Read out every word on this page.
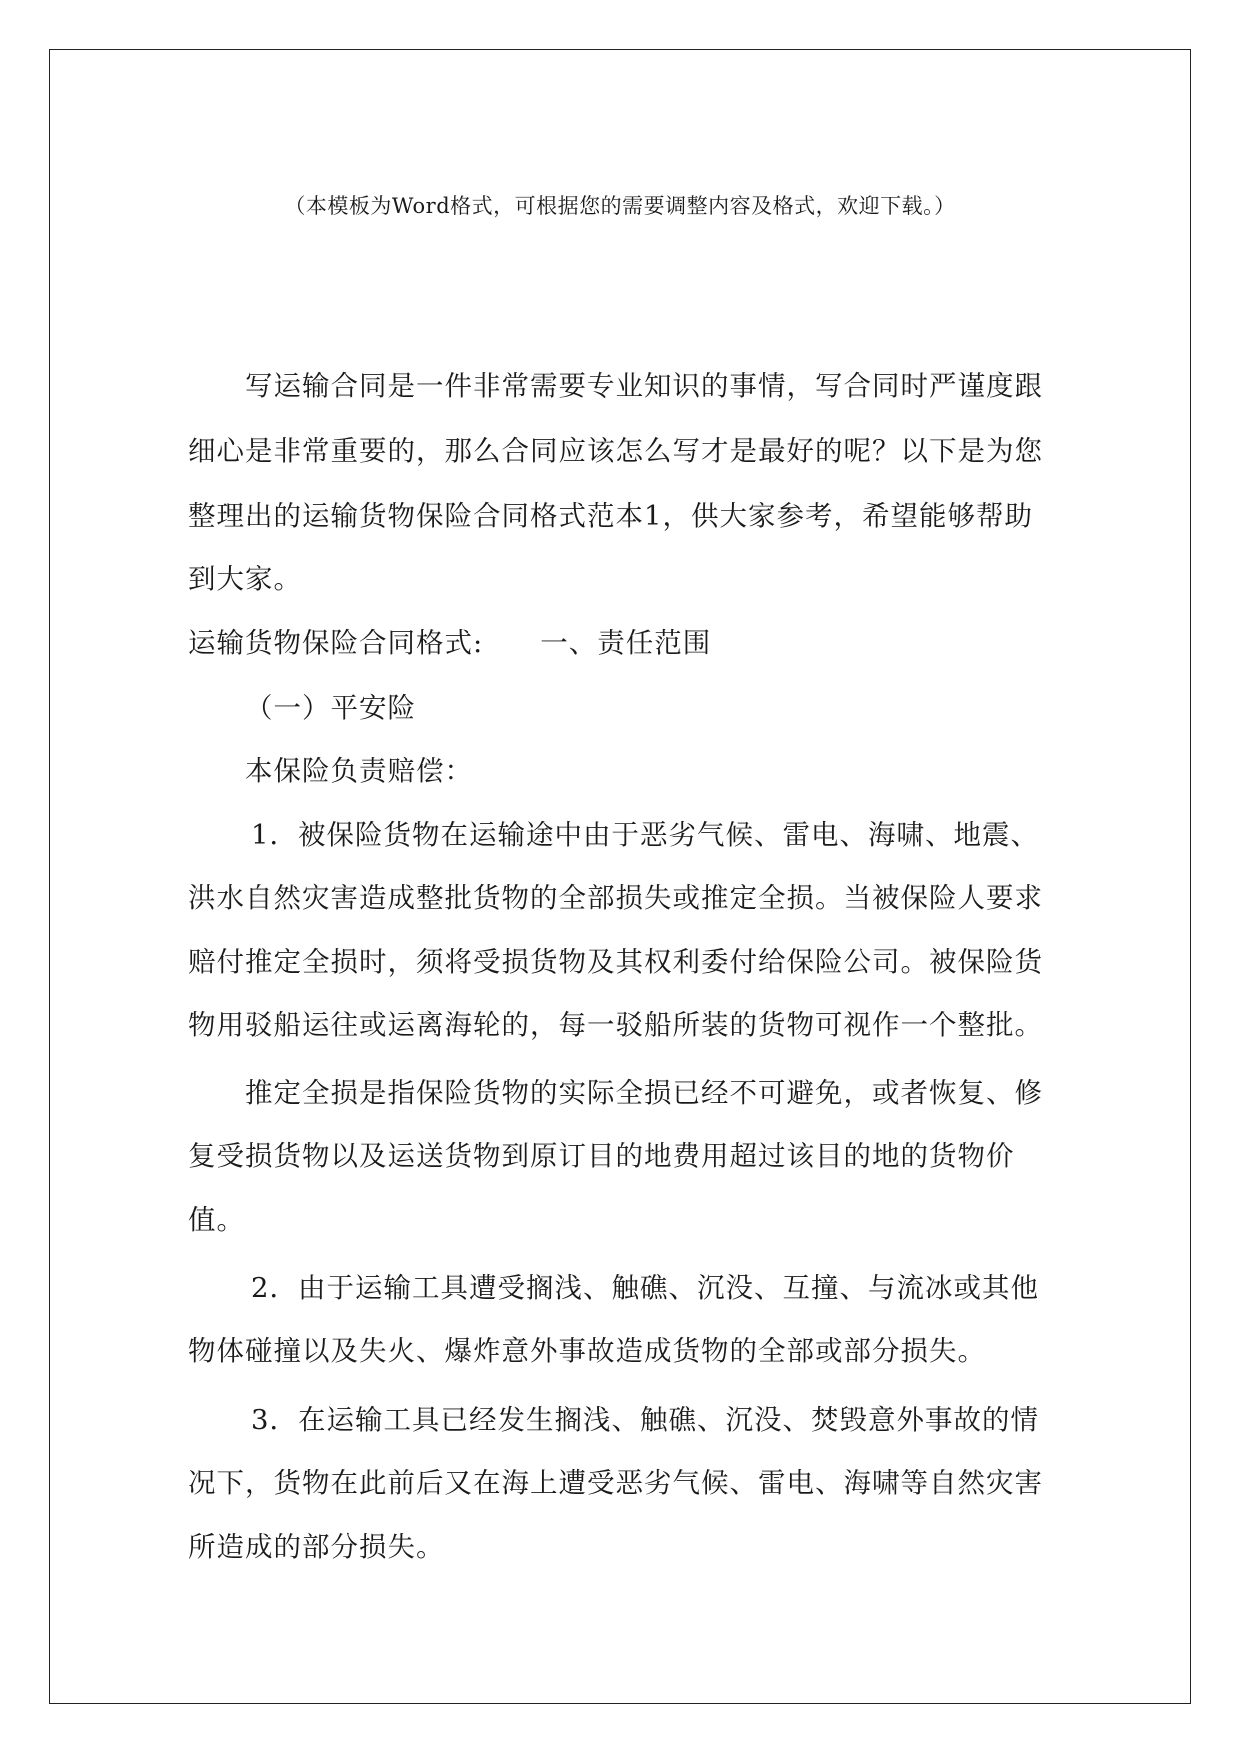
（本模板为Word格式，可根据您的需要调整内容及格式，欢迎下载。）
写运输合同是一件非常需要专业知识的事情，写合同时严谨度跟
细心是非常重要的，那么合同应该怎么写才是最好的呢？以下是为您
整理出的运输货物保险合同格式范本1，供大家参考，希望能够帮助
到大家。
运输货物保险合同格式:　　一、责任范围
（一）平安险
本保险负责赔偿：
1．被保险货物在运输途中由于恶劣气候、雷电、海啸、地震、
洪水自然灾害造成整批货物的全部损失或推定全损。当被保险人要求
赔付推定全损时，须将受损货物及其权利委付给保险公司。被保险货
物用驳船运往或运离海轮的，每一驳船所装的货物可视作一个整批。
推定全损是指保险货物的实际全损已经不可避免，或者恢复、修
复受损货物以及运送货物到原订目的地费用超过该目的地的货物价
值。
2．由于运输工具遭受搁浅、触礁、沉没、互撞、与流冰或其他
物体碰撞以及失火、爆炸意外事故造成货物的全部或部分损失。
3．在运输工具已经发生搁浅、触礁、沉没、焚毁意外事故的情
况下，货物在此前后又在海上遭受恶劣气候、雷电、海啸等自然灾害
所造成的部分损失。
